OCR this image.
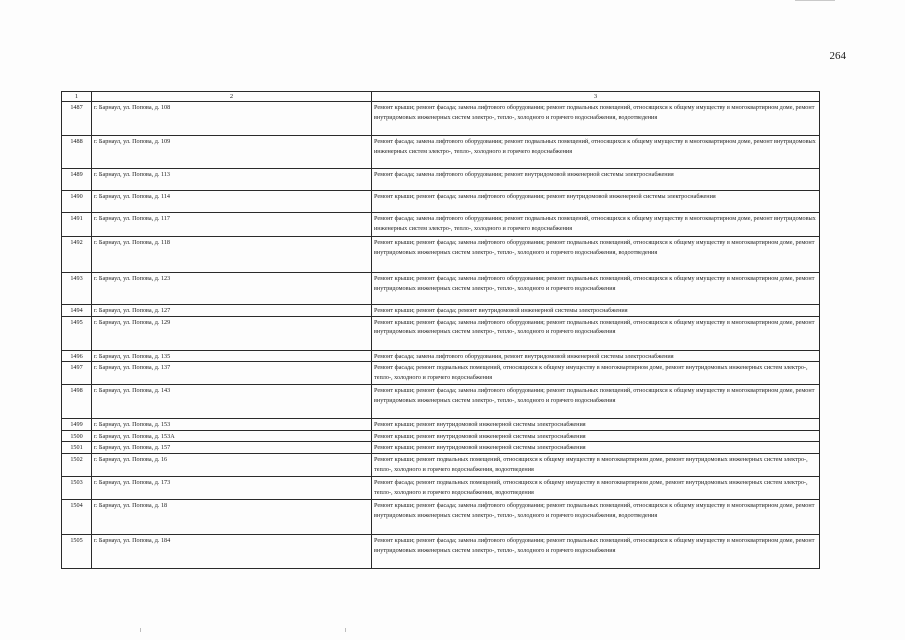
264
1	2	3
1487	г. Барнаул, ул. Попова, д. 108	Ремонт крыши; ремонт фасада; замена лифтового оборудования; ремонт подвальных помещений, относящихся к общему имуществу в многоквартирном доме, ремонт внутридомовых инженерных систем электро-, тепло-, холодного и горячего водоснабжения, водоотведения
1488	г. Барнаул, ул. Попова, д. 109	Ремонт фасада; замена лифтового оборудования; ремонт подвальных помещений, относящихся к общему имуществу в многоквартирном доме, ремонт внутридомовых инженерных систем электро-, тепло-, холодного и горячего водоснабжения
1489	г. Барнаул, ул. Попова, д. 113	Ремонт фасада; замена лифтового оборудования; ремонт внутридомовой инженерной системы электроснабжения
1490	г. Барнаул, ул. Попова, д. 114	Ремонт крыши; ремонт фасада; замена лифтового оборудования; ремонт внутридомовой инженерной системы электроснабжения
1491	г. Барнаул, ул. Попова, д. 117	Ремонт фасада; замена лифтового оборудования; ремонт подвальных помещений, относящихся к общему имуществу в многоквартирном доме, ремонт внутридомовых инженерных систем электро-, тепло-, холодного и горячего водоснабжения
1492	г. Барнаул, ул. Попова, д. 118	Ремонт крыши; ремонт фасада; замена лифтового оборудования; ремонт подвальных помещений, относящихся к общему имуществу в многоквартирном доме, ремонт внутридомовых инженерных систем электро-, тепло-, холодного и горячего водоснабжения, водоотведения
1493	г. Барнаул, ул. Попова, д. 123	Ремонт крыши; ремонт фасада; замена лифтового оборудования; ремонт подвальных помещений, относящихся к общему имуществу в многоквартирном доме, ремонт внутридомовых инженерных систем электро-, тепло-, холодного и горячего водоснабжения
1494	г. Барнаул, ул. Попова, д. 127	Ремонт крыши; ремонт фасада; ремонт внутридомовой инженерной системы электроснабжения
1495	г. Барнаул, ул. Попова, д. 129	Ремонт крыши; ремонт фасада; замена лифтового оборудования; ремонт подвальных помещений, относящихся к общему имуществу в многоквартирном доме, ремонт внутридомовых инженерных систем электро-, тепло-, холодного и горячего водоснабжения
1496	г. Барнаул, ул. Попова, д. 135	Ремонт фасада; замена лифтового оборудования, ремонт внутридомовой инженерной системы электроснабжения
1497	г. Барнаул, ул. Попова, д. 137	Ремонт фасада; ремонт подвальных помещений, относящихся к общему имуществу в многоквартирном доме, ремонт внутридомовых инженерных систем электро-, тепло-, холодного и горячего водоснабжения
1498	г. Барнаул, ул. Попова, д. 143	Ремонт крыши; ремонт фасада; замена лифтового оборудования; ремонт подвальных помещений, относящихся к общему имуществу в многоквартирном доме, ремонт внутридомовых инженерных систем электро-, тепло-, холодного и горячего водоснабжения
1499	г. Барнаул, ул. Попова, д. 153	Ремонт крыши; ремонт внутридомовой инженерной системы электроснабжения
1500	г. Барнаул, ул. Попова, д. 153А	Ремонт крыши; ремонт внутридомовой инженерной системы электроснабжения
1501	г. Барнаул, ул. Попова, д. 157	Ремонт крыши; ремонт внутридомовой инженерной системы электроснабжения
1502	г. Барнаул, ул. Попова, д. 16	Ремонт крыши; ремонт подвальных помещений, относящихся к общему имуществу в многоквартирном доме, ремонт внутридомовых инженерных систем электро-, тепло-, холодного и горячего водоснабжения, водоотведения
1503	г. Барнаул, ул. Попова, д. 173	Ремонт фасада; ремонт подвальных помещений, относящихся к общему имуществу в многоквартирном доме, ремонт внутридомовых инженерных систем электро-, тепло-, холодного и горячего водоснабжения, водоотведения
1504	г. Барнаул, ул. Попова, д. 18	Ремонт крыши; ремонт фасада; замена лифтового оборудования; ремонт подвальных помещений, относящихся к общему имуществу в многоквартирном доме, ремонт внутридомовых инженерных систем электро-, тепло-, холодного и горячего водоснабжения, водоотведения
1505	г. Барнаул, ул. Попова, д. 184	Ремонт крыши; ремонт фасада; замена лифтового оборудования; ремонт подвальных помещений, относящихся к общему имуществу в многоквартирном доме, ремонт внутридомовых инженерных систем электро-, тепло-, холодного и горячего водоснабжения
